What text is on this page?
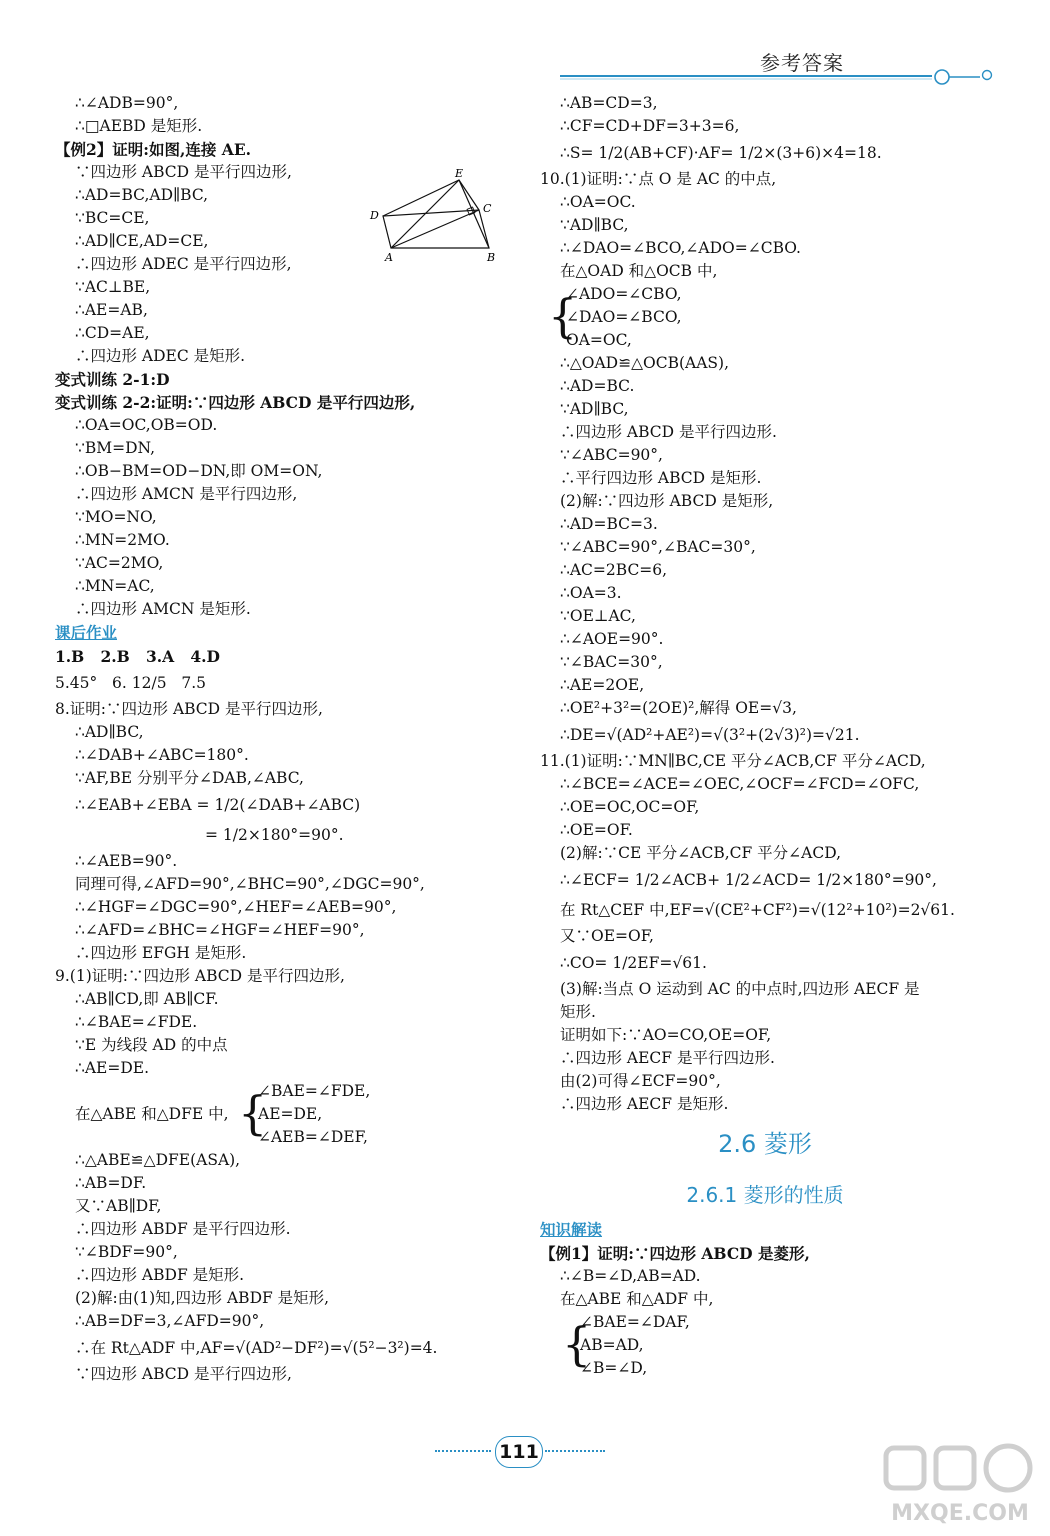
参考答案
∴∠ADB=90°,
∴□AEBD 是矩形.
【例2】证明:如图,连接 AE.
∵四边形 ABCD 是平行四边形,
∴AD=BC,AD∥BC,
∵BC=CE,
∴AD∥CE,AD=CE,
∴四边形 ADEC 是平行四边形,
∵AC⊥BE,
∴AE=AB,
∴CD=AE,
∴四边形 ADEC 是矩形.
变式训练 2-1:D
变式训练 2-2:证明:∵四边形 ABCD 是平行四边形,
∴OA=OC,OB=OD.
∵BM=DN,
∴OB−BM=OD−DN,即 OM=ON,
∴四边形 AMCN 是平行四边形,
∵MO=NO,
∴MN=2MO.
∵AC=2MO,
∴MN=AC,
∴四边形 AMCN 是矩形.
课后作业
1.B   2.B   3.A   4.D
5.45°   6. 12/5   7.5
8.证明:∵四边形 ABCD 是平行四边形,
∴AD∥BC,
∴∠DAB+∠ABC=180°.
∵AF,BE 分别平分∠DAB,∠ABC,
∴∠EAB+∠EBA = 1/2(∠DAB+∠ABC)
= 1/2×180°=90°.
∴∠AEB=90°.
同理可得,∠AFD=90°,∠BHC=90°,∠DGC=90°,
∴∠HGF=∠DGC=90°,∠HEF=∠AEB=90°,
∴∠AFD=∠BHC=∠HGF=∠HEF=90°,
∴四边形 EFGH 是矩形.
9.(1)证明:∵四边形 ABCD 是平行四边形,
∴AB∥CD,即 AB∥CF.
∴∠BAE=∠FDE.
∵E 为线段 AD 的中点
∴AE=DE.
在△ABE 和△DFE 中, {
∠BAE=∠FDE,
AE=DE,
∠AEB=∠DEF,
∴△ABE≌△DFE(ASA),
∴AB=DF.
又∵AB∥DF,
∴四边形 ABDF 是平行四边形.
∵∠BDF=90°,
∴四边形 ABDF 是矩形.
(2)解:由(1)知,四边形 ABDF 是矩形,
∴AB=DF=3,∠AFD=90°,
∴在 Rt△ADF 中,AF=√(AD²−DF²)=√(5²−3²)=4.
∵四边形 ABCD 是平行四边形,
E
D
C
A	B
∴AB=CD=3,
∴CF=CD+DF=3+3=6,
∴S= 1/2(AB+CF)·AF= 1/2×(3+6)×4=18.
10.(1)证明:∵点 O 是 AC 的中点,
∴OA=OC.
∵AD∥BC,
∴∠DAO=∠BCO,∠ADO=∠CBO.
在△OAD 和△OCB 中,
{
∠ADO=∠CBO,
∠DAO=∠BCO,
OA=OC,
∴△OAD≌△OCB(AAS),
∴AD=BC.
∵AD∥BC,
∴四边形 ABCD 是平行四边形.
∵∠ABC=90°,
∴平行四边形 ABCD 是矩形.
(2)解:∵四边形 ABCD 是矩形,
∴AD=BC=3.
∵∠ABC=90°,∠BAC=30°,
∴AC=2BC=6,
∴OA=3.
∵OE⊥AC,
∴∠AOE=90°.
∵∠BAC=30°,
∴AE=2OE,
∴OE²+3²=(2OE)²,解得 OE=√3,
∴DE=√(AD²+AE²)=√(3²+(2√3)²)=√21.
11.(1)证明:∵MN∥BC,CE 平分∠ACB,CF 平分∠ACD,
∴∠BCE=∠ACE=∠OEC,∠OCF=∠FCD=∠OFC,
∴OE=OC,OC=OF,
∴OE=OF.
(2)解:∵CE 平分∠ACB,CF 平分∠ACD,
∴∠ECF= 1/2∠ACB+ 1/2∠ACD= 1/2×180°=90°,
在 Rt△CEF 中,EF=√(CE²+CF²)=√(12²+10²)=2√61.
又∵OE=OF,
∴CO= 1/2EF=√61.
(3)解:当点 O 运动到 AC 的中点时,四边形 AECF 是
矩形.
证明如下:∵AO=CO,OE=OF,
∴四边形 AECF 是平行四边形.
由(2)可得∠ECF=90°,
∴四边形 AECF 是矩形.
2.6 菱形
2.6.1 菱形的性质
知识解读
【例1】证明:∵四边形 ABCD 是菱形,
∴∠B=∠D,AB=AD.
在△ABE 和△ADF 中,
{
∠BAE=∠DAF,
AB=AD,
∠B=∠D,
111
MXQE.COM
